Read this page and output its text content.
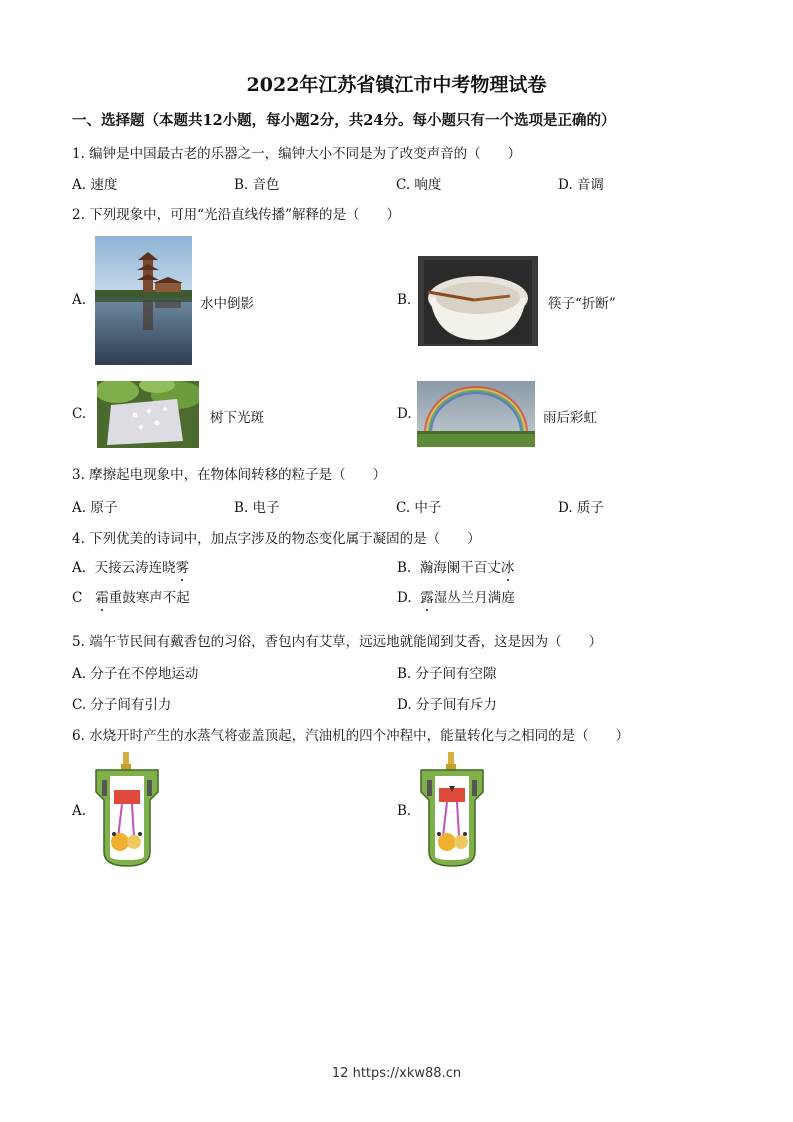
2022年江苏省镇江市中考物理试卷
一、选择题（本题共12小题，每小题2分，共24分。每小题只有一个选项是正确的）
1. 编钟是中国最古老的乐器之一，编钟大小不同是为了改变声音的（　　）
A. 速度	B. 音色	C. 响度	D. 音调
2. 下列现象中，可用“光沿直线传播”解释的是（　　）
A.	水中倒影	B.	筷子“折断”
C.	树下光斑	D.	雨后彩虹
3. 摩擦起电现象中，在物体间转移的粒子是（　　）
A. 原子	B. 电子	C. 中子	D. 质子
4. 下列优美的诗词中，加点字涉及的物态变化属于凝固的是（　　）
A. 天接云涛连晓雾	B. 瀚海阑干百丈冰
C 霜重鼓寒声不起	D. 露湿丛兰月满庭
5. 端午节民间有戴香包的习俗，香包内有艾草，远远地就能闻到艾香，这是因为（　　）
A. 分子在不停地运动	B. 分子间有空隙
C. 分子间有引力	D. 分子间有斥力
6. 水烧开时产生的水蒸气将壶盖顶起，汽油机的四个冲程中，能量转化与之相同的是（　　）
A.	B.
12 https://xkw88.cn
